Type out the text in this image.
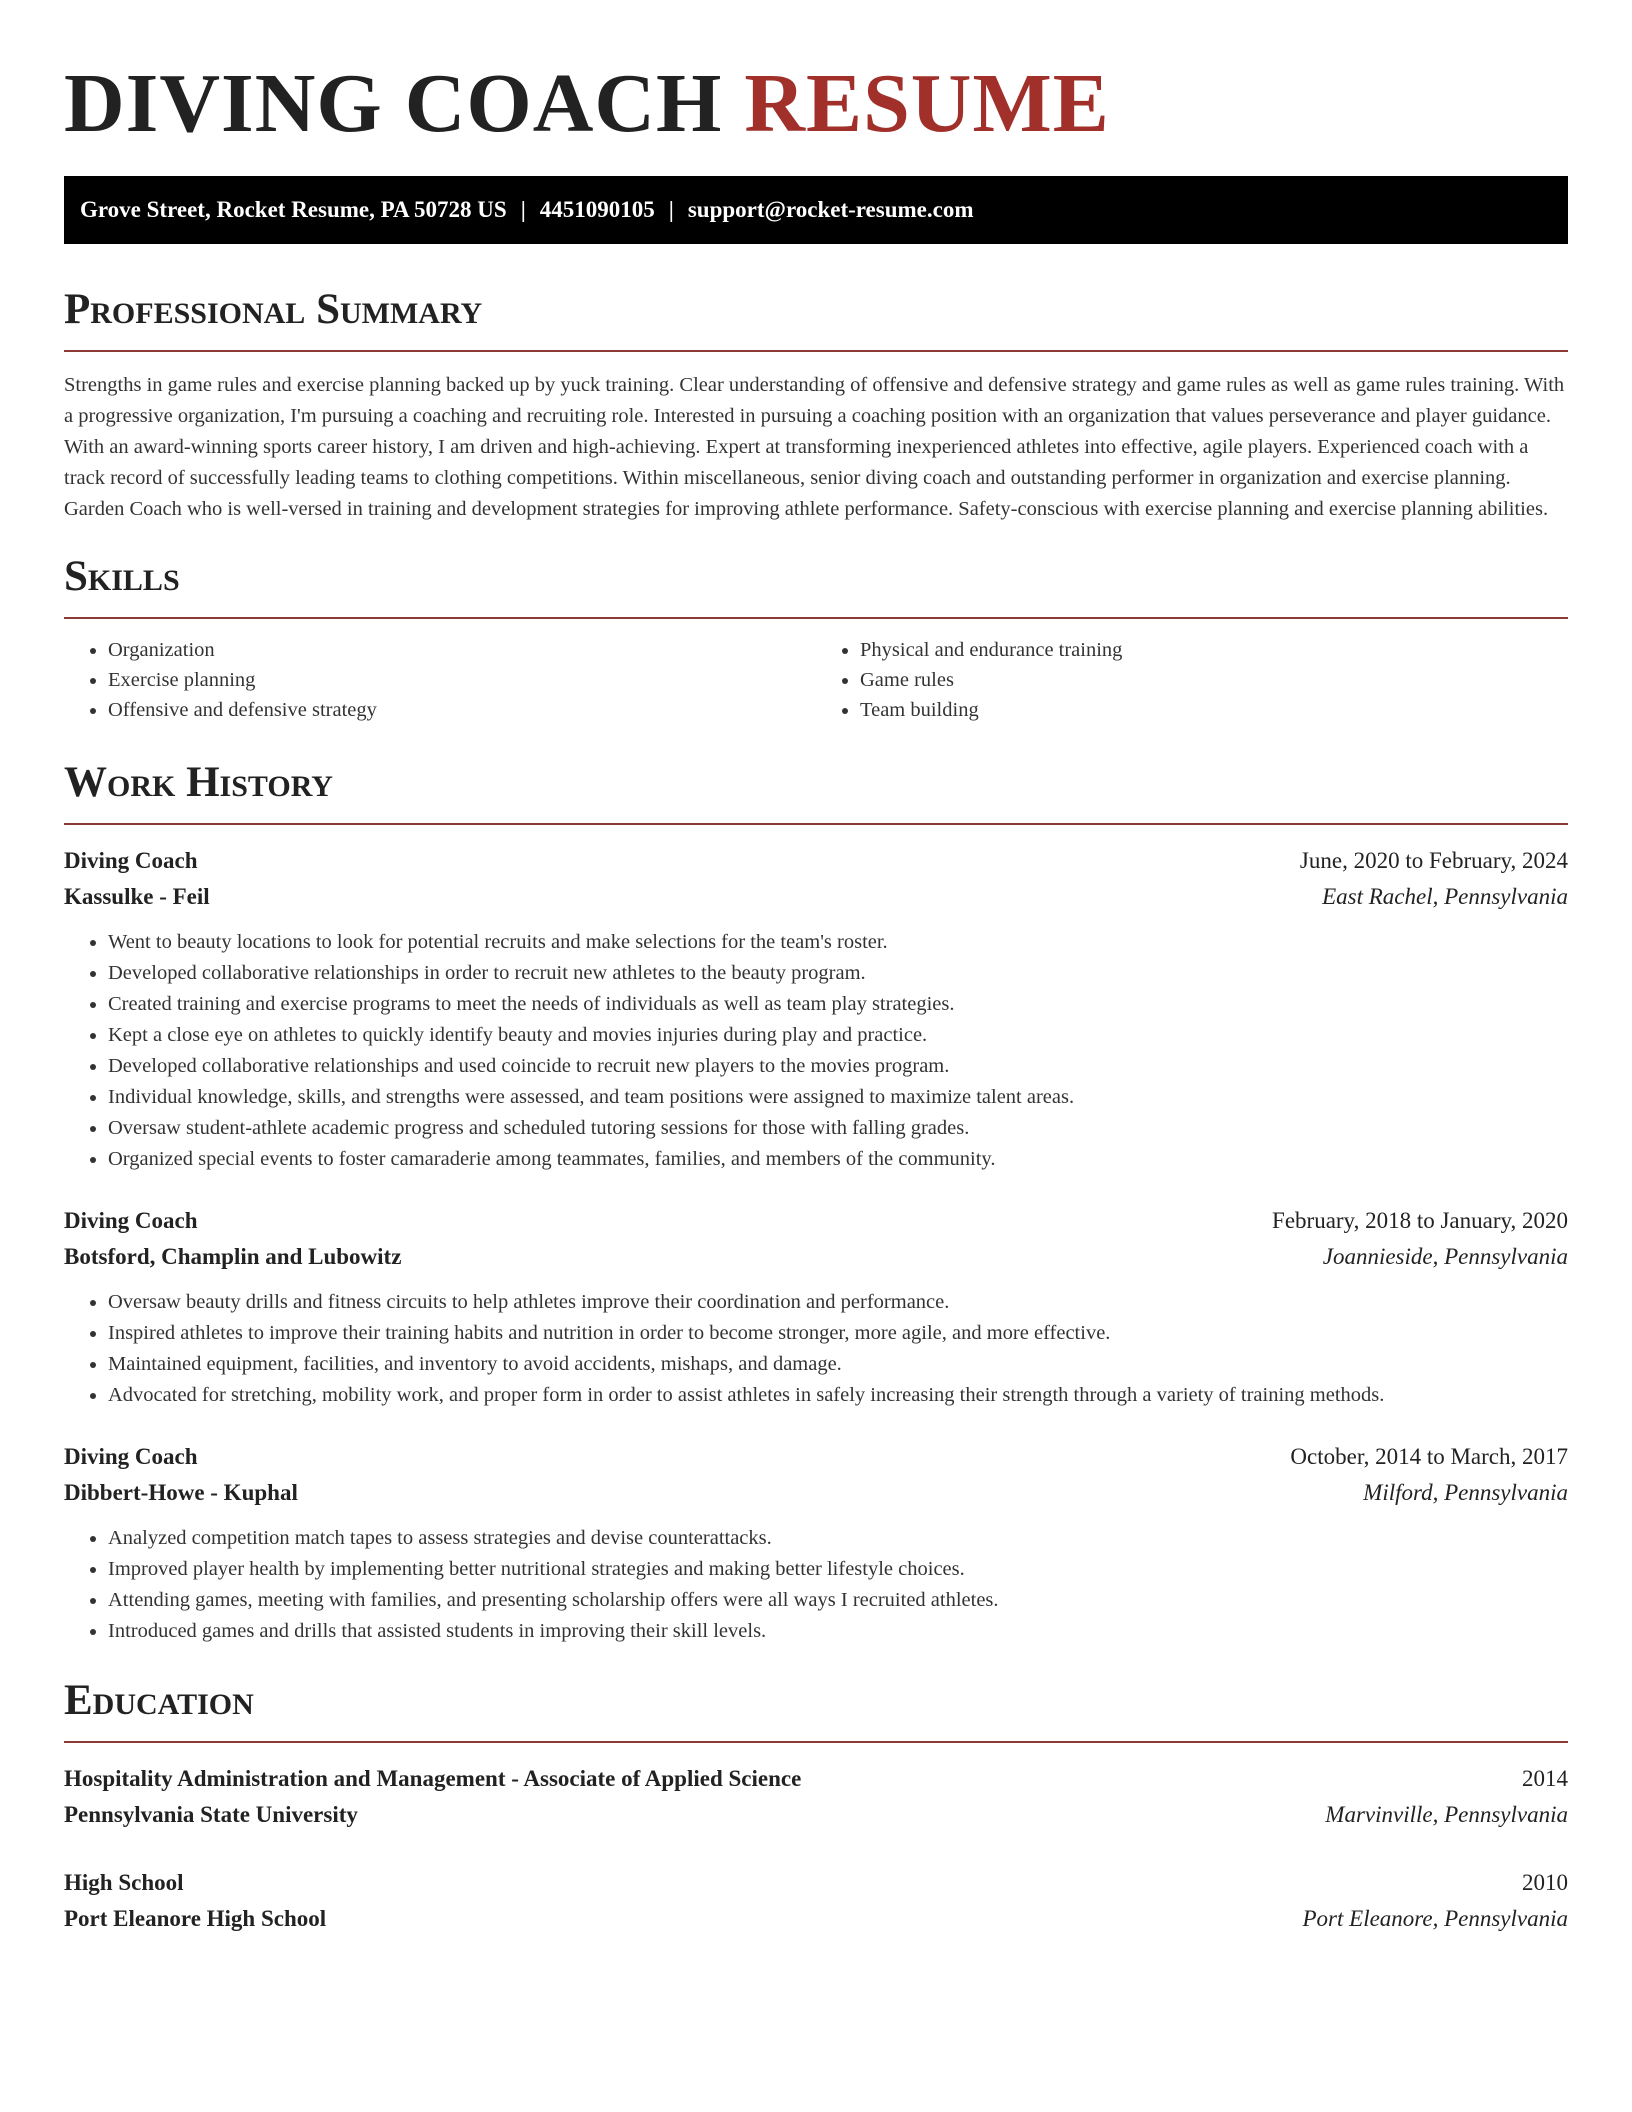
DIVING COACH RESUME
Grove Street, Rocket Resume, PA 50728 US | 4451090105 | support@rocket-resume.com
Professional Summary

Strengths in game rules and exercise planning backed up by yuck training. Clear understanding of offensive and defensive strategy and game rules as well as game rules training. With a progressive organization, I'm pursuing a coaching and recruiting role. Interested in pursuing a coaching position with an organization that values perseverance and player guidance. With an award-winning sports career history, I am driven and high-achieving. Expert at transforming inexperienced athletes into effective, agile players. Experienced coach with a track record of successfully leading teams to clothing competitions. Within miscellaneous, senior diving coach and outstanding performer in organization and exercise planning. Garden Coach who is well-versed in training and development strategies for improving athlete performance. Safety-conscious with exercise planning and exercise planning abilities.

Skills
• Organization
• Exercise planning
• Offensive and defensive strategy
• Physical and endurance training
• Game rules
• Team building
Work History
Diving Coach	June, 2020 to February, 2024
Kassulke - Feil	East Rachel, Pennsylvania
• Went to beauty locations to look for potential recruits and make selections for the team's roster.
• Developed collaborative relationships in order to recruit new athletes to the beauty program.
• Created training and exercise programs to meet the needs of individuals as well as team play strategies.
• Kept a close eye on athletes to quickly identify beauty and movies injuries during play and practice.
• Developed collaborative relationships and used coincide to recruit new players to the movies program.
• Individual knowledge, skills, and strengths were assessed, and team positions were assigned to maximize talent areas.
• Oversaw student-athlete academic progress and scheduled tutoring sessions for those with falling grades.
• Organized special events to foster camaraderie among teammates, families, and members of the community.
Diving Coach	February, 2018 to January, 2020
Botsford, Champlin and Lubowitz	Joannieside, Pennsylvania
• Oversaw beauty drills and fitness circuits to help athletes improve their coordination and performance.
• Inspired athletes to improve their training habits and nutrition in order to become stronger, more agile, and more effective.
• Maintained equipment, facilities, and inventory to avoid accidents, mishaps, and damage.
• Advocated for stretching, mobility work, and proper form in order to assist athletes in safely increasing their strength through a variety of training methods.
Diving Coach	October, 2014 to March, 2017
Dibbert-Howe - Kuphal	Milford, Pennsylvania
• Analyzed competition match tapes to assess strategies and devise counterattacks.
• Improved player health by implementing better nutritional strategies and making better lifestyle choices.
• Attending games, meeting with families, and presenting scholarship offers were all ways I recruited athletes.
• Introduced games and drills that assisted students in improving their skill levels.
Education
Hospitality Administration and Management - Associate of Applied Science	2014
Pennsylvania State University	Marvinville, Pennsylvania
High School	2010
Port Eleanore High School	Port Eleanore, Pennsylvania
